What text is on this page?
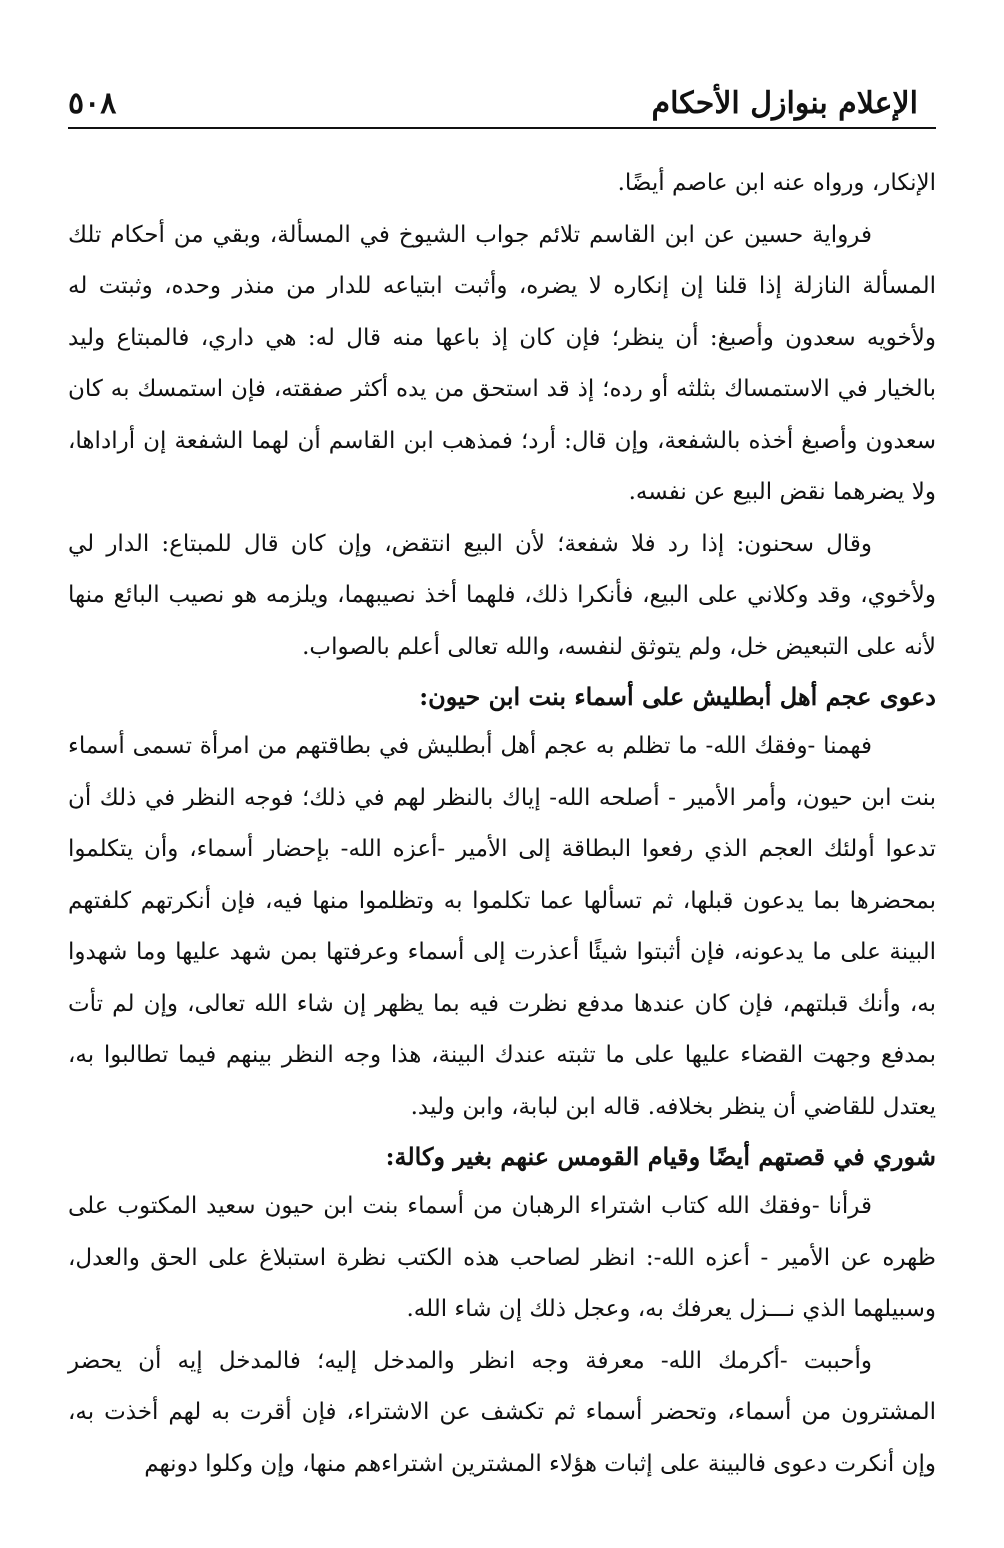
الإعلام بنوازل الأحكام
٥٠٨

الإنكار، ورواه عنه ابن عاصم أيضًا.

فرواية حسين عن ابن القاسم تلائم جواب الشيوخ في المسألة، وبقي من أحكام تلك المسألة النازلة إذا قلنا إن إنكاره لا يضره، وأثبت ابتياعه للدار من منذر وحده، وثبتت له ولأخويه سعدون وأصبغ: أن ينظر؛ فإن كان إذ باعها منه قال له: هي داري، فالمبتاع وليد بالخيار في الاستمساك بثلثه أو رده؛ إذ قد استحق من يده أكثر صفقته، فإن استمسك به كان سعدون وأصبغ أخذه بالشفعة، وإن قال: أرد؛ فمذهب ابن القاسم أن لهما الشفعة إن أراداها، ولا يضرهما نقض البيع عن نفسه.

وقال سحنون: إذا رد فلا شفعة؛ لأن البيع انتقض، وإن كان قال للمبتاع: الدار لي ولأخوي، وقد وكلاني على البيع، فأنكرا ذلك، فلهما أخذ نصيبهما، ويلزمه هو نصيب البائع منها لأنه على التبعيض خل، ولم يتوثق لنفسه، والله تعالى أعلم بالصواب.

دعوى عجم أهل أبطليش على أسماء بنت ابن حيون:

فهمنا -وفقك الله- ما تظلم به عجم أهل أبطليش في بطاقتهم من امرأة تسمى أسماء بنت ابن حيون، وأمر الأمير - أصلحه الله- إياك بالنظر لهم في ذلك؛ فوجه النظر في ذلك أن تدعوا أولئك العجم الذي رفعوا البطاقة إلى الأمير -أعزه الله- بإحضار أسماء، وأن يتكلموا بمحضرها بما يدعون قبلها، ثم تسألها عما تكلموا به وتظلموا منها فيه، فإن أنكرتهم كلفتهم البينة على ما يدعونه، فإن أثبتوا شيئًا أعذرت إلى أسماء وعرفتها بمن شهد عليها وما شهدوا به، وأنك قبلتهم، فإن كان عندها مدفع نظرت فيه بما يظهر إن شاء الله تعالى، وإن لم تأت بمدفع وجهت القضاء عليها على ما تثبته عندك البينة، هذا وجه النظر بينهم فيما تطالبوا به، يعتدل للقاضي أن ينظر بخلافه. قاله ابن لبابة، وابن وليد.

شوري في قصتهم أيضًا وقيام القومس عنهم بغير وكالة:

قرأنا -وفقك الله كتاب اشتراء الرهبان من أسماء بنت ابن حيون سعيد المكتوب على ظهره عن الأمير - أعزه الله-: انظر لصاحب هذه الكتب نظرة استبلاغ على الحق والعدل، وسبيلهما الذي نـــزل يعرفك به، وعجل ذلك إن شاء الله.

وأحببت -أكرمك الله- معرفة وجه انظر والمدخل إليه؛ فالمدخل إيه أن يحضر المشترون من أسماء، وتحضر أسماء ثم تكشف عن الاشتراء، فإن أقرت به لهم أخذت به، وإن أنكرت دعوى فالبينة على إثبات هؤلاء المشترين اشتراءهم منها، وإن وكلوا دونهم
